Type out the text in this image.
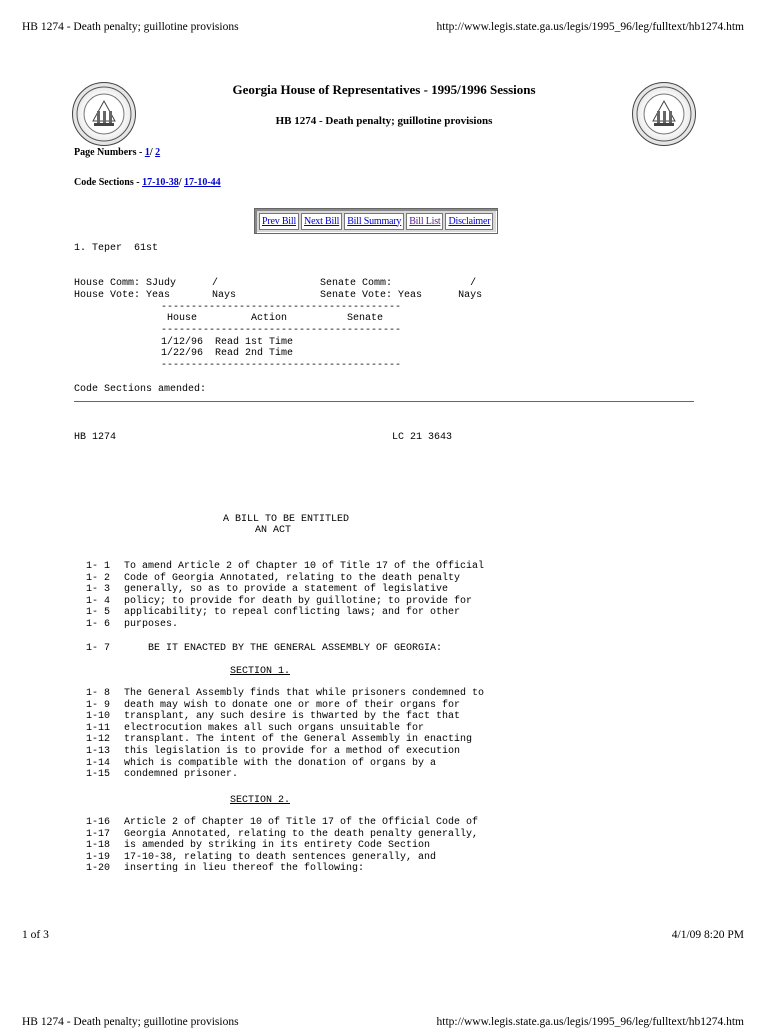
HB 1274 - Death penalty; guillotine provisions	http://www.legis.state.ga.us/legis/1995_96/leg/fulltext/hb1274.htm
Georgia House of Representatives - 1995/1996 Sessions
HB 1274 - Death penalty; guillotine provisions
Page Numbers - 1/ 2
Code Sections - 17-10-38/ 17-10-44
Prev Bill Next Bill Bill Summary Bill List Disclaimer
1. Teper  61st
House Comm: SJudy      /                 Senate Comm:             /
House Vote: Yeas       Nays              Senate Vote: Yeas      Nays
----------------------------------------
House         Action          Senate
----------------------------------------
1/12/96  Read 1st Time
1/22/96  Read 2nd Time
----------------------------------------
Code Sections amended:
HB 1274	LC 21 3643
A BILL TO BE ENTITLED
AN ACT
1- 1 To amend Article 2 of Chapter 10 of Title 17 of the Official
1- 2 Code of Georgia Annotated, relating to the death penalty
1- 3 generally, so as to provide a statement of legislative
1- 4 policy; to provide for death by guillotine; to provide for
1- 5 applicability; to repeal conflicting laws; and for other
1- 6 purposes.
1- 7    BE IT ENACTED BY THE GENERAL ASSEMBLY OF GEORGIA:
SECTION 1.
1- 8 The General Assembly finds that while prisoners condemned to
1- 9 death may wish to donate one or more of their organs for
1-10 transplant, any such desire is thwarted by the fact that
1-11 electrocution makes all such organs unsuitable for
1-12 transplant. The intent of the General Assembly in enacting
1-13 this legislation is to provide for a method of execution
1-14 which is compatible with the donation of organs by a
1-15 condemned prisoner.
SECTION 2.
1-16 Article 2 of Chapter 10 of Title 17 of the Official Code of
1-17 Georgia Annotated, relating to the death penalty generally,
1-18 is amended by striking in its entirety Code Section
1-19 17-10-38, relating to death sentences generally, and
1-20 inserting in lieu thereof the following:
1 of 3	4/1/09 8:20 PM
HB 1274 - Death penalty; guillotine provisions	http://www.legis.state.ga.us/legis/1995_96/leg/fulltext/hb1274.htm
